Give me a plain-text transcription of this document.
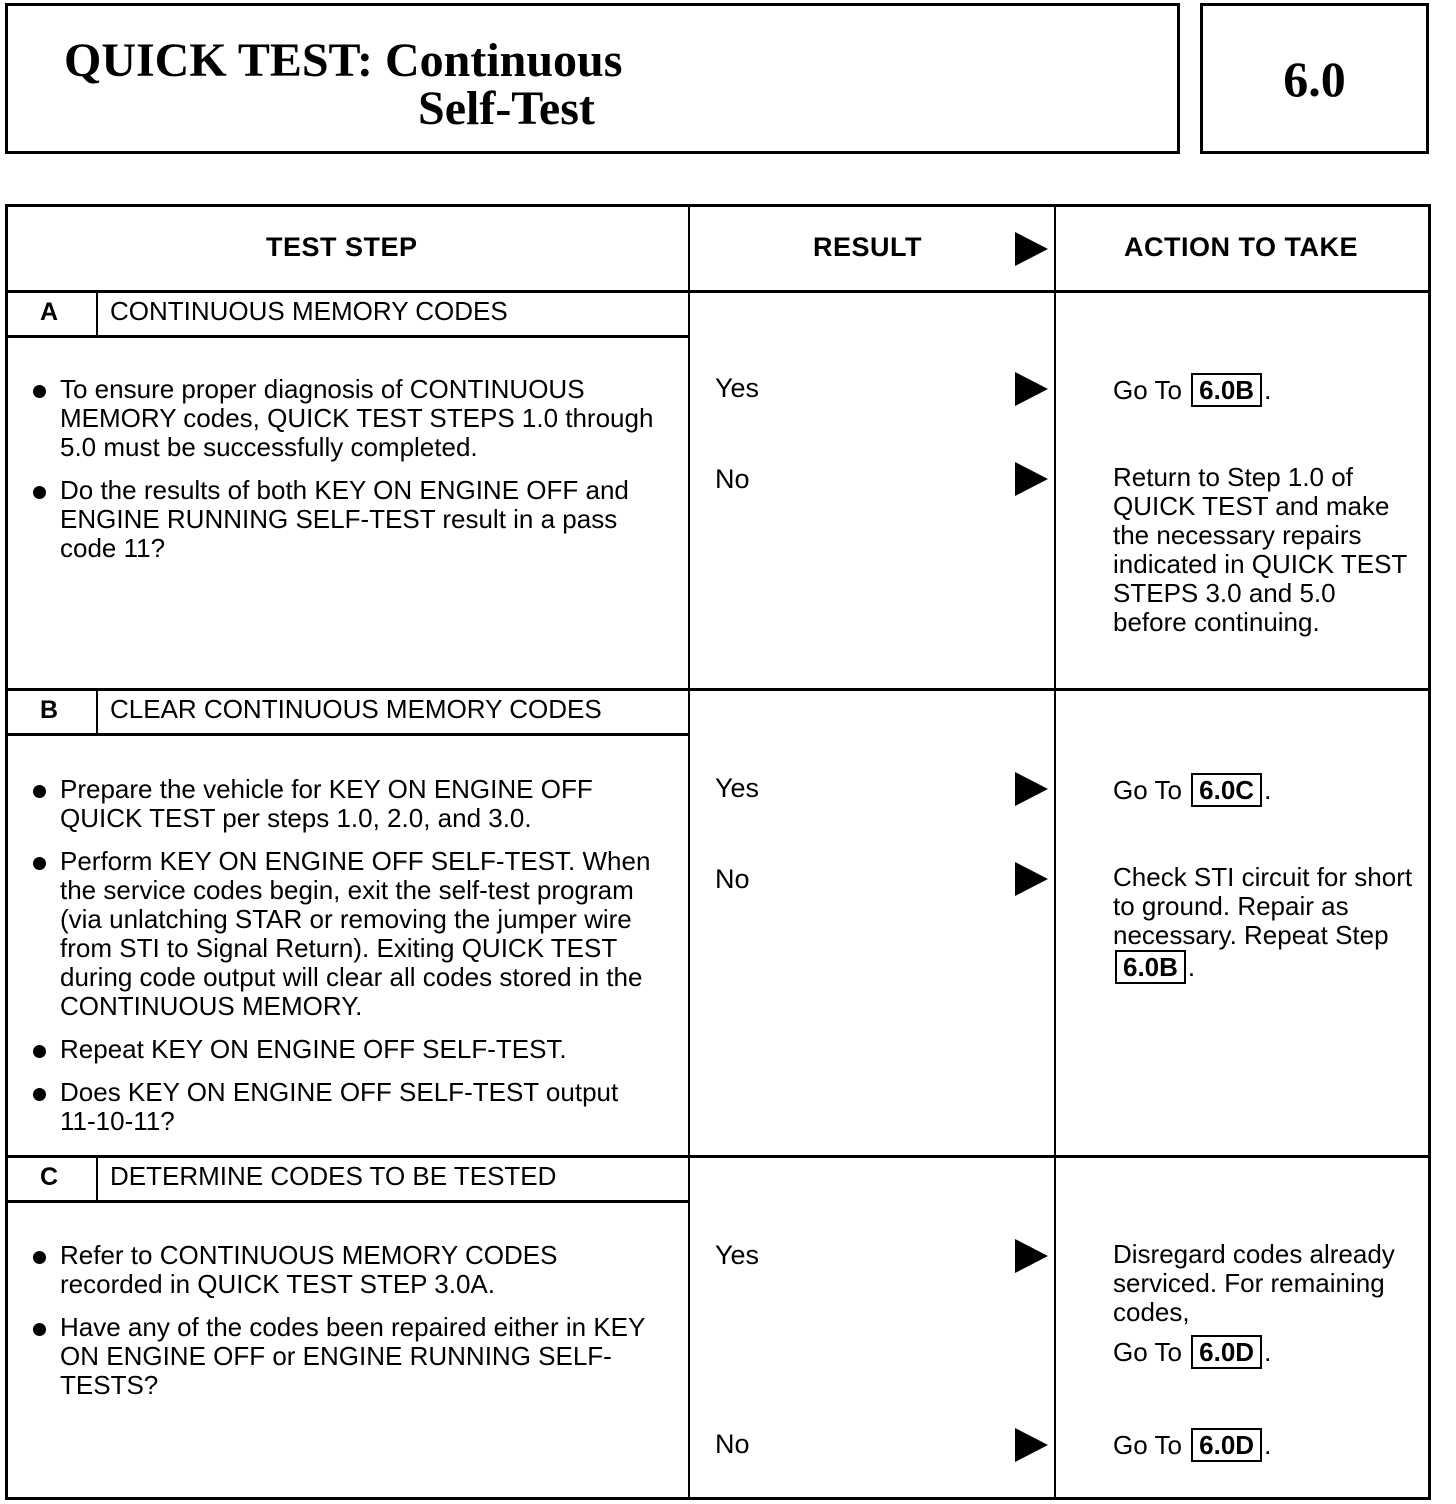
QUICK TEST: Continuous
Self-Test
6.0
TEST STEP	RESULT	ACTION TO TAKE
A	CONTINUOUS MEMORY CODES
To ensure proper diagnosis of CONTINUOUS MEMORY codes, QUICK TEST STEPS 1.0 through 5.0 must be successfully completed.
Do the results of both KEY ON ENGINE OFF and ENGINE RUNNING SELF-TEST result in a pass code 11?
Yes	Go To 6.0B .
No	Return to Step 1.0 of QUICK TEST and make the necessary repairs indicated in QUICK TEST STEPS 3.0 and 5.0 before continuing.
B	CLEAR CONTINUOUS MEMORY CODES
Prepare the vehicle for KEY ON ENGINE OFF QUICK TEST per steps 1.0, 2.0, and 3.0.
Perform KEY ON ENGINE OFF SELF-TEST. When the service codes begin, exit the self-test program (via unlatching STAR or removing the jumper wire from STI to Signal Return). Exiting QUICK TEST during code output will clear all codes stored in the CONTINUOUS MEMORY.
Repeat KEY ON ENGINE OFF SELF-TEST.
Does KEY ON ENGINE OFF SELF-TEST output 11-10-11?
Yes	Go To 6.0C .
No	Check STI circuit for short to ground. Repair as necessary. Repeat Step 6.0B .
C	DETERMINE CODES TO BE TESTED
Refer to CONTINUOUS MEMORY CODES recorded in QUICK TEST STEP 3.0A.
Have any of the codes been repaired either in KEY ON ENGINE OFF or ENGINE RUNNING SELF-TESTS?
Yes	Disregard codes already serviced. For remaining codes,
Go To 6.0D .
No	Go To 6.0D .
